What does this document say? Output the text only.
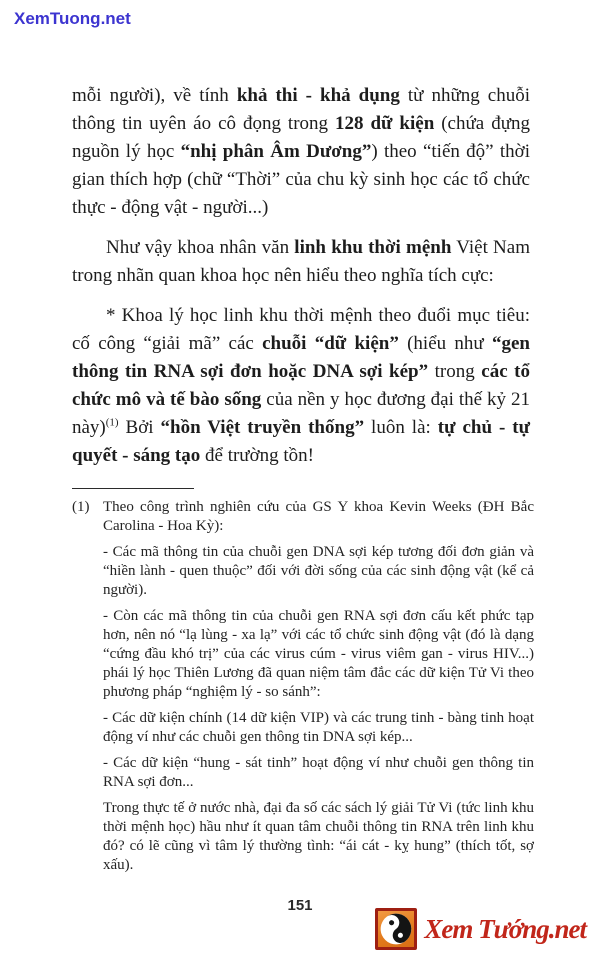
XemTuong.net

mỗi người), về tính khả thi - khả dụng từ những chuỗi thông tin uyên áo cô đọng trong 128 dữ kiện (chứa đựng nguồn lý học “nhị phân Âm Dương”) theo “tiến độ” thời gian thích hợp (chữ “Thời” của chu kỳ sinh học các tổ chức thực - động vật - người...)

Như vậy khoa nhân văn linh khu thời mệnh Việt Nam trong nhãn quan khoa học nên hiểu theo nghĩa tích cực:

* Khoa lý học linh khu thời mệnh theo đuổi mục tiêu: cố công “giải mã” các chuỗi “dữ kiện” (hiểu như “gen thông tin RNA sợi đơn hoặc DNA sợi kép” trong các tổ chức mô và tế bào sống của nền y học đương đại thế kỷ 21 này)$^{(1)}$ Bởi “hồn Việt truyền thống” luôn là: tự chủ - tự quyết - sáng tạo để trường tồn!

(1) Theo công trình nghiên cứu của GS Y khoa Kevin Weeks (ĐH Bắc Carolina - Hoa Kỳ):

- Các mã thông tin của chuỗi gen DNA sợi kép tương đối đơn giản và “hiền lành - quen thuộc” đối với đời sống của các sinh động vật (kể cả người).

- Còn các mã thông tin của chuỗi gen RNA sợi đơn cấu kết phức tạp hơn, nên nó “lạ lùng - xa lạ” với các tổ chức sinh động vật (đó là dạng “cứng đầu khó trị” của các virus cúm - virus viêm gan - virus HIV...) phái lý học Thiên Lương đã quan niệm tâm đắc các dữ kiện Tử Vi theo phương pháp “nghiệm lý - so sánh”:

- Các dữ kiện chính (14 dữ kiện VIP) và các trung tinh - bàng tinh hoạt động ví như các chuỗi gen thông tin DNA sợi kép...

- Các dữ kiện “hung - sát tinh” hoạt động ví như chuỗi gen thông tin RNA sợi đơn...

Trong thực tế ở nước nhà, đại đa số các sách lý giải Tử Vi (tức linh khu thời mệnh học) hầu như ít quan tâm chuỗi thông tin RNA trên linh khu đó? có lẽ cũng vì tâm lý thường tình: “ái cát - kỵ hung” (thích tốt, sợ xấu).

151
Xem Tướng.net
